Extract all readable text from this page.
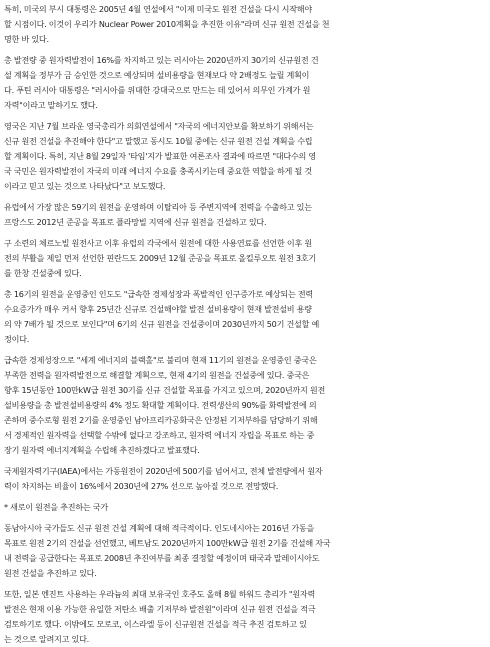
특히, 미국의 부시 대통령은 2005년 4월 연설에서 "이제 미국도 원전 건설을 다시 시작해야
할 시점이다. 이것이 우리가 Nuclear Power 2010계획을 추진한 이유"라며 신규 원전 건설을 천
명한 바 있다.
총 발전량 중 원자력발전이 16%를 차지하고 있는 러시아는 2020년까지 30기의 신규원전 건
설 계획을 정부가 금 승인한 것으로 예상되며 설비용량을 현재보다 약 2배정도 늘릴 계획이
다. 푸틴 러시아 대통령은 "러시아를 위대한 강대국으로 만드는 데 있어서 의무인 가계가 원
자력"이라고 말하기도 했다.
영국은 지난 7월 브라운 영국총리가 의회연설에서 "자국의 에너지안보를 확보하기 위해서는
신규 원전 건설을 추진해야 한다"고 말했고 동시도 10월 중에는 신규 원전 건설 계획을 수립
할 계획이다. 특히, 지난 8월 29일자 '타임'지가 발표한 여론조사 결과에 따르면 "대다수의 영
국 국민은 원자력발전이 자국의 미래 에너지 수요를 충족시키는데 중요한 역할을 하게 될 것
이라고 믿고 있는 것으로 나타났다"고 보도했다.
유럽에서 가장 많은 59기의 원전을 운영하며 이탈리아 등 주변지역에 전력을 수출하고 있는
프랑스도 2012년 준공을 목표로 플라망빌 지역에 신규 원전을 건설하고 있다.
구 소련의 체르노빌 원전사고 이후 유럽의 각국에서 원전에 대한 사용연료를 선언한 이후 원
전의 부활을 제일 먼저 선언한 핀란드도 2009년 12월 준공을 목표로 올킬루오토 원전 3호기
를 한창 건설중에 있다.
총 16기의 원전을 운영중인 인도도 "급속한 경제성장과 폭발적인 인구증가로 예상되는 전력
수요증가가 매우 커서 향후 25년간 신규로 건설해야할 발전 설비용량이 현재 발전설비 용량
의 약 7배가 될 것으로 보인다"며 6기의 신규 원전을 건설중이며 2030년까지 50기 건설할 예
정이다.
급속한 경제성장으로 "세계 에너지의 블랙홀"로 불리며 현재 11기의 원전을 운영중인 중국은
부족한 전력을 원자력발전으로 해결할 계획으로, 현재 4기의 원전을 건설중에 있다. 중국은
향후 15년동안 100만kW급 원전 30기를 신규 건설할 목표를 가지고 있으며, 2020년까지 원전
설비용량을 총 발전설비용량의 4% 정도 확대할 계획이다. 전력생산의 90%를 화력발전에 의
존하며 중수로형 원전 2기를 운영중인 남아프리카공화국은 안정된 기저부하를 담당하기 위해
서 경제적인 원자력을 선택할 수밖에 없다고 강조하고, 원자력 에너지 자립을 목표로 하는 중
장기 원자력 에너지계획을 수립해 추진하겠다고 발표했다.
국제원자력기구(IAEA)에서는 가동원전이 2020년에 500기를 넘어서고, 전체 발전량에서 원자
력이 차지하는 비율이 16%에서 2030년에 27% 선으로 높아질 것으로 전망했다.
* 새로이 원전을 추진하는 국가
동남아시아 국가들도 신규 원전 건설 계획에 대해 적극적이다. 인도네시아는 2016년 가동을
목표로 원전 2기의 건설을 선언했고, 베트남도 2020년까지 100만kW급 원전 2기를 건설해 자국
내 전력을 공급한다는 목표로 2008년 추진여부를 최종 결정할 예정이며 태국과 말레이시아도
원전 건설을 추진하고 있다.
또한, 일본 엔진트 사용하는 우라늄의 최대 보유국인 호주도 올해 8월 하워드 총리가 "원자력
발전은 현재 이용 가능한 유일한 저탄소 배출 기저부하 발전원"이라며 신규 원전 건설을 적극
검토하기로 했다. 이밖에도 모로코, 이스라엘 등이 신규원전 건설을 적극 추진 검토하고 있
는 것으로 알려지고 있다.
